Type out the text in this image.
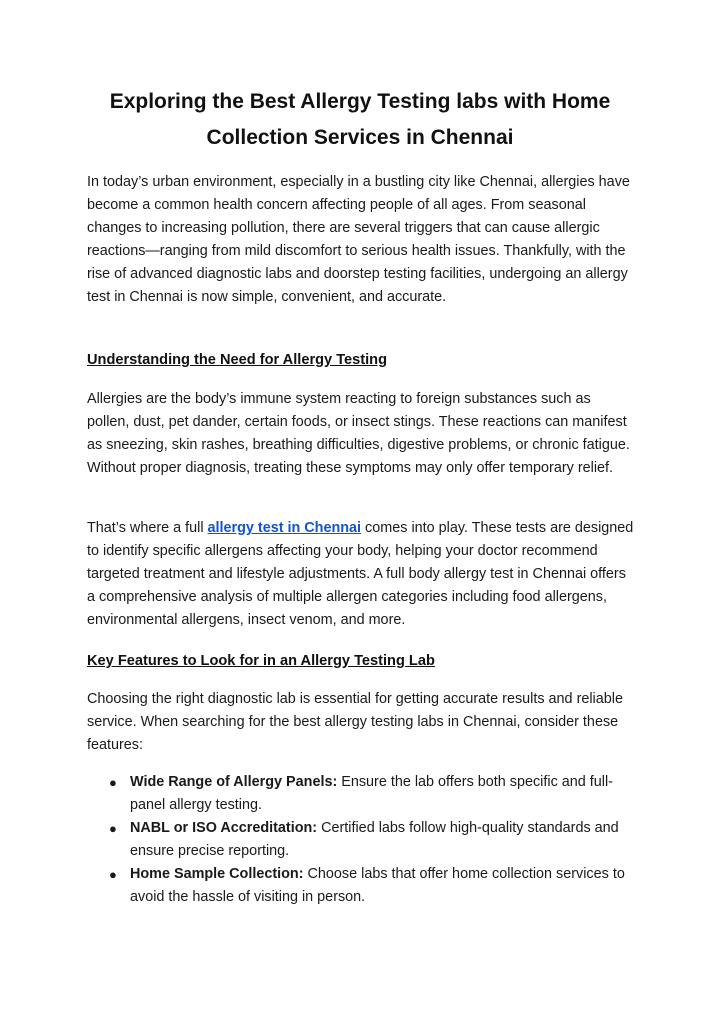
Exploring the Best Allergy Testing labs with Home
Collection Services in Chennai

In today’s urban environment, especially in a bustling city like Chennai, allergies have become a common health concern affecting people of all ages. From seasonal changes to increasing pollution, there are several triggers that can cause allergic reactions—ranging from mild discomfort to serious health issues. Thankfully, with the rise of advanced diagnostic labs and doorstep testing facilities, undergoing an allergy test in Chennai is now simple, convenient, and accurate.

Understanding the Need for Allergy Testing

Allergies are the body’s immune system reacting to foreign substances such as pollen, dust, pet dander, certain foods, or insect stings. These reactions can manifest as sneezing, skin rashes, breathing difficulties, digestive problems, or chronic fatigue. Without proper diagnosis, treating these symptoms may only offer temporary relief.

That’s where a full allergy test in Chennai comes into play. These tests are designed to identify specific allergens affecting your body, helping your doctor recommend targeted treatment and lifestyle adjustments. A full body allergy test in Chennai offers a comprehensive analysis of multiple allergen categories including food allergens, environmental allergens, insect venom, and more.

Key Features to Look for in an Allergy Testing Lab

Choosing the right diagnostic lab is essential for getting accurate results and reliable service. When searching for the best allergy testing labs in Chennai, consider these features:

● Wide Range of Allergy Panels: Ensure the lab offers both specific and full-panel allergy testing.
● NABL or ISO Accreditation: Certified labs follow high-quality standards and ensure precise reporting.
● Home Sample Collection: Choose labs that offer home collection services to avoid the hassle of visiting in person.
